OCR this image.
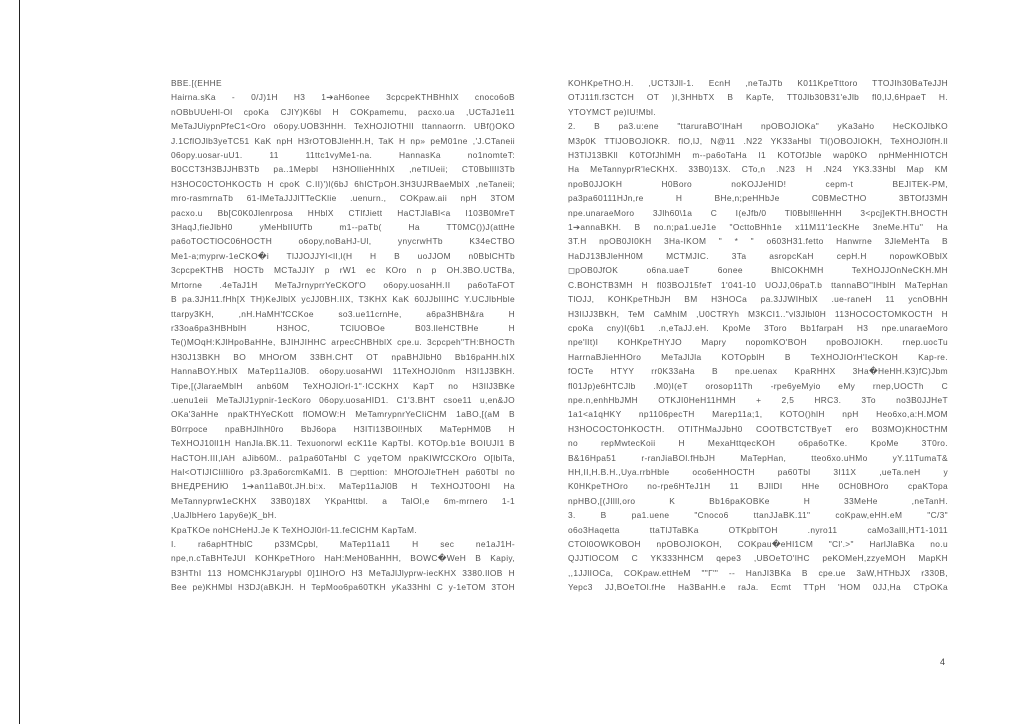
BBE.[(EHHE
Hairna.sKa - 0/J)1H H3 1➔aH6onee 3cpcpeKTHBHhIX cnoco6oB
nOBbUUeHl-Ol cpoKa CJIY)K6bl H COKpamemu, pacxo.ua ,UCTaJ1e11
MeTaJUiypnPfeC1<Oro o6opy.UOB3HHH. TeXHOJIOTHII ttannaorrn. UBf()OKO
J.1CflOJlb3yeTC51 KaK npH H3rOTOBJleHH.H, TaK H np» peM01ne ,'J.CTaneii
06opy.uosar-uU1. 11 11ttc1vyMe1-na. HannasKa no1nomteT:
B0CCT3H3BJJHB3Tb pa..1Mepbl H3HOllieHHhIX ,neTlUeii; CT0BbllII3Tb
H3HOC0CTOHKOCTb H cpoK C.II)')l(6bJ 6hICTpOH.3H3UJRBaeMblX ,neTaneii;
mro-rasmrnaTb 61-lMeTaJJJlTTeCKlie .uenurn., COKpaw.aii npH 3TOM
pacxo.u Bb[C0K0Jlenrposa HHblX CTlfJiett HaCTJlaBl<a I103B0MreT
3HaqJ,fieJlbH0 yMeHbIIUfTb m1--paTb( Ha TT0MC())J(attHe
pa6oTOCTlOC06HOCTH o6opy,noBaHJ-Ul, ynycrwHTb K34eCTBO
Me1-a;myprw-1eCKO�i TlJJOJJYI<lI,l(H H B uoJJOM n0BblCHTb
3cpcpeKTHB HOCTb MCTaJJIY p rW1 ec KOro n p OH.3BO.UCTBa,
Mrtorne .4eTaJ1H MeTaJrnyprrYeCKOf'O o6opy.uosaHH.II pa6oTaFOT
B pa.3JH11.fHh[X TH)KeJlblX ycJJ0BH.IIX, T3KHX KaK 60JJbIIIHC Y.UCJlbHble
ttarpy3KH, ,nH.HaMH'fCCKoe so3.ue11crnHe, a6pa3HBH&ra H
r33oa6pa3HBHblH H3HOC, TClUOBOe B03.lleHCTBHe H
Te()MOqH:KJlHpoBaHHe, BJIHJIHHC arpecCHBHblX cpe.u. 3cpcpeh"TH:BHOCTh
H30J13BKH BO MHOrOM 33BH.CHT OT npaBHJlbH0 Bb16paHH.hIX
HannaBOY.HbIX MaTep11aJl0B. o6opy.uosaHWI 11TeXHOJI0nm H3I1J3BKH.
Tipe,[(JlaraeMblH anb60M TeXHOJlOrl-1"·ICCKHX KapT no H3IlJ3BKe
.uenu1eii MeTaJlJ1ypnir-1ecKoro 06opy.uosaHID1. C1'3.BHT csoe11 u,en&JO
OKa'3aHHe npaKTHYeCKott flOMOW:H MeTamrypnrYeCIiCHM 1aBO,[(aM B
B0rrpoce npaBHJlhH0ro BbJ6opa H3ITl13BOl!HblX MaTepHM0B H
TeXHOJ10lI1H HanJla.BK.11. Texuonorwl ecK11e KapTbI. KOTOp.b1e BOIUJI1 B
HaCTOH.III,lAH aJib60M.. pa1pa60TaHbl C yqeTOM npaKIWfCCKOro O[lblTa,
Hal<OTIJICIilIi0ro p3.3pa6orcmKaMl1. B ◻epttion: MHOfOJleTHeH pa60Tbl no
ВНЕДРЕНИЮ 1➔an11aB0t.JH.bi:x. MaTep11aJl0B H TeXHOJT0OHI Ha
MeTannyprw1eCKHX 33B0)18X YKpaHttbl. a TalOl,e 6m-mrnero 1-1
,UaJlbHero 1apy6e)K_bH.
KpaTKOe noHCHeHJ.Je K TeXHOJl0rl-11.feClCHM KapTaM.
I. ra6apHTHblC p33MCpbl, MaTep11a11 H sec ne1aJ1H-
npe,n.cTaBHTeJUI KOHKpeTHoro HaH:MeH0BaHHH, BOWC�WeH B Kapiy,
B3HThI 113 HOMCHKJ1arypbl 0]1lHOrO H3 MeTaJlJlyprw-iecKHX 3380.IlOB H
Bee pe)KHMbl H3DJ(aBKJH. H TepMoo6pa60TKH yKa33HhI C y-1eTOM 3TOH
KOHKpeTHO.H. ,UCT3Jll-1. EcnH ,neTaJTb K011KpeTttoro TTOJIh30BaTeJJH
OTJ11fl.f3CTCH OT )I,3HHbTX B KapTe, TT0Jlb30B31'eJlb fl0,IJ,6HpaeT H.
YTOYMCT pe)IU!Mbl.
2. B pa3.u:ene "ttaruraBO'IHaH npOBOJIOKa" yKa3aHo HeCKOJlbKO
M3p0K TTlJOBOJlOKR. flO,lJ, N@11 .N22 YK33aHbI Tl()OBOJIOKH, TeXHOJI0fH.Il
H3TlJ13BKll K0TOfJhIMH m--pa6oTaHa I1 KOTOfJble wap0KO npHMeHHIOTCH
Ha MeTannyprR'leCKHX. 33B0)13X. CTo,n .N23 H .N24 YK3.33Hbl Map KM
npoB0JJOKH H0Boro noKOJJeHID! cepm-t BEJITEK-PM,
pa3pa60111HJn,re H BHe,n;peHHbJe C0BMeCTHO 3BTOfJ3MH
npe.unaraeMoro 3Jlh60\1a C I(eJfb/0 Tl0Bbl!lleHHH 3<pcj]eKTH.BHOCTH
1➔annaBKH. B no.n;pa1.ueJ1e "OcttoBHh1e x11M11'1ecKHe 3neMe.HTu'' Ha
3T.H npOB0JI0KH 3Ha-IKOM " * " o603H31.fetto Hanwrne 3JleMeHTa B
HaDJ13BJleHH0M MCTMJIC. 3Ta asropcKaH cepH.H nopowKOBblX
◻pOB0JfOK o6na.uaeT 6onee BhlCOKHMH TeXHOJJOnNeCKH.MH
C.BOHCTB3MH H fl03BOJ15feT 1'041-10 UOJJ,06paT.b ttannaBO''IHblH MaTepHan
TlOJJ, KOHKpeTHbJH BM H3HOCa pa.3JJWIHblX .ue-raneH 11 ycnOBHH
H3IlJJ3BKH, TeM CaMhIM ,U0CTRYh M3KCI1.."vl3Jlbl0H 113HOCOCTOMKOCTH H
cpoKa cny)I(6b1 .n,eTaJJ.eH. KpoMe 3Toro Bb1farpaH H3 npe.unaraeMoro
npe'lIt)I KOHKpeTHYJO Mapry nopomKO'BOH npoBOJIOKH. rnep.uocTu
HarrnaBJieHHOro MeTaJlJla KOTOpblH B TeXHOJIOrH'IeCKOH Kap-re.
fOCTe HTYY rr0K33aHa B npe.uenax KpaRHHX 3Ha�HeHH.K3)fC)Jbm
fl01Jp)e6HTCJlb .M0)I(eT orosop11Th -rpe6yeMyio eMy rnep,UOCTh C
npe.n,enhHbJMH OTKJI0HeH11HMH + 2,5 HRC3. 3To no3B0JJHeT
1a1<a1qHKY np1106pecTH Marep11a;1, KOTO()hlH npH Heo6xo,a:H.MOM
H3HOCOCTOHKOCTH. OTITHMaJJbH0 COOTBCTCTByeT ero B03MO)KH0CTHM
no repMwtecKoii H MexaHttqecKOH o6pa6oTKe. KpoMe 3T0ro.
B&16Hpa51 r-ranJiaBOl.fHbJH MaTepHan, tteo6xo.uHMo yY.11TumaT&
HH,II,H.B.H.,Uya.rrbHble oco6eHHOCTH pa60Tbl 3I11X ,ueTa.neH y
K0HKpeTHOro no-rpe6HTeJ1H 11 BJIlDI HHe 0CH0BHOro cpaKTopa
npHBO,[(JIlll,oro K Bb16paKOBKe H 33MeHe ,neTanH.
3. B pa1.uene "Cnoco6 ttanJJaBK.11" coKpaw,eHH.eM "C/3"
o6o3Haqetta ttaTlJTaBKa OTKpblTOH .nyro11 caMo3alll,HT1-1011
CTOl0OWKOBOH npOBOJIOKOH, COKpau�eHl1CM "Cl'.>" HarlJlaBKa no.u
QJJTlOCOM C YK333HHCM qepe3 ,UBOeTO'lHC peKOMeH,zzyeMOH MapKH
,,1JJlIOCa, COKpaw.ettHeM ""Г'" -- HanJI3BKa B cpe.ue 3aW,HTHbJX r330B,
Yepc3 JJ,BOeTOl.fHe Ha3BaHH.e raJa. Ecmt TTpH 'HOM 0JJ,Ha CTpOKa
4
